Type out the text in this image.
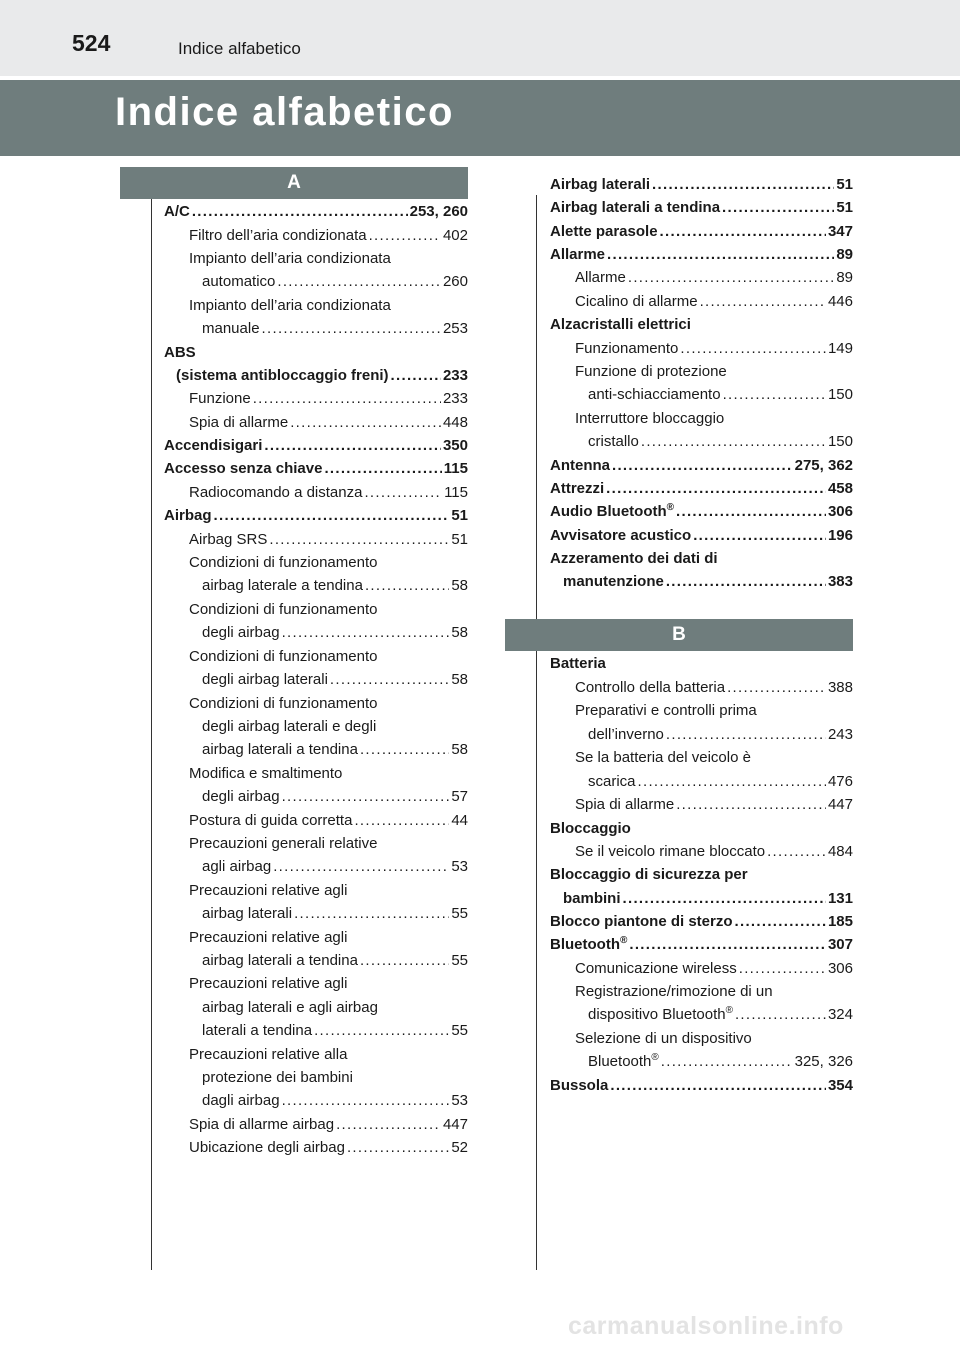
524	Indice alfabetico
Indice alfabetico
A
A/C .....	253, 260
Filtro dell’aria condizionata .....	402
Impianto dell’aria condizionata
automatico .....	260
Impianto dell’aria condizionata
manuale .....	253
ABS
(sistema antibloccaggio freni) .....	233
Funzione .....	233
Spia di allarme .....	448
Accendisigari .....	350
Accesso senza chiave .....	115
Radiocomando a distanza .....	115
Airbag .....	51
Airbag SRS .....	51
Condizioni di funzionamento
airbag laterale a tendina .....	58
Condizioni di funzionamento
degli airbag .....	58
Condizioni di funzionamento
degli airbag laterali .....	58
Condizioni di funzionamento
degli airbag laterali e degli
airbag laterali a tendina .....	58
Modifica e smaltimento
degli airbag .....	57
Postura di guida corretta .....	44
Precauzioni generali relative
agli airbag .....	53
Precauzioni relative agli
airbag laterali .....	55
Precauzioni relative agli
airbag laterali a tendina .....	55
Precauzioni relative agli
airbag laterali e agli airbag
laterali a tendina .....	55
Precauzioni relative alla
protezione dei bambini
dagli airbag .....	53
Spia di allarme airbag .....	447
Ubicazione degli airbag .....	52
B
Airbag laterali .....	51
Airbag laterali a tendina .....	51
Alette parasole .....	347
Allarme .....	89
Allarme .....	89
Cicalino di allarme .....	446
Alzacristalli elettrici
Funzionamento .....	149
Funzione di protezione
anti-schiacciamento .....	150
Interruttore bloccaggio
cristallo .....	150
Antenna .....	275, 362
Attrezzi .....	458
Audio Bluetooth® .....	306
Avvisatore acustico .....	196
Azzeramento dei dati di
manutenzione .....	383
Batteria
Controllo della batteria .....	388
Preparativi e controlli prima
dell’inverno .....	243
Se la batteria del veicolo è
scarica .....	476
Spia di allarme .....	447
Bloccaggio
Se il veicolo rimane bloccato .....	484
Bloccaggio di sicurezza per
bambini .....	131
Blocco piantone di sterzo .....	185
Bluetooth® .....	307
Comunicazione wireless .....	306
Registrazione/rimozione di un
dispositivo Bluetooth® .....	324
Selezione di un dispositivo
Bluetooth® .....	325, 326
Bussola .....	354
carmanualsonline.info
